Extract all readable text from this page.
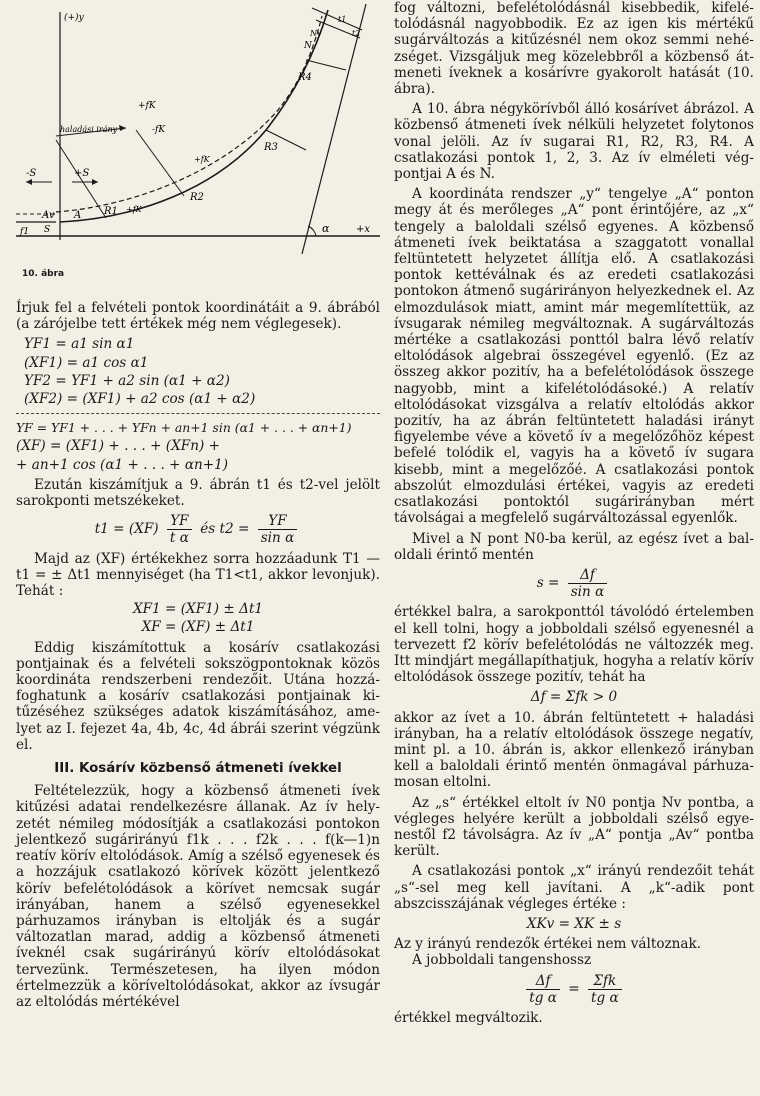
(+)y
+x
-S	+S
haladási irány
+fK
-fK
+fK
+fK
R1
R2
R3
R4
A
Av
f1 S
N
Nv
α
t1
t2
10. ábra

Írjuk fel a felvételi pontok koordinátáit a 9. ábrából (a zárójelbe tett értékek még nem véglegesek).

YF1 = a1 sin α1
(XF1) = a1 cos α1
YF2 = YF1 + a2 sin (α1 + α2)
(XF2) = (XF1) + a2 cos (α1 + α2)
YF = YF1 + . . . + YFn + an+1 sin (α1 + . . . + αn+1)
(XF) = (XF1) + . . . + (XFn) +
+ an+1 cos (α1 + . . . + αn+1)

Ezután kiszámítjuk a 9. ábrán t1 és t2-vel jelölt sarokponti metszékeket.

$t1 = (XF) \frac{YF}{\text{t α}}$ és $t2 = \frac{YF}{\text{sin α}}$

Majd az (XF) értékekhez sorra hozzáadunk T1 — t1 = ± Δt1 mennyiséget (ha T1<t1, akkor levonjuk). Tehát :

XF1 = (XF1) ± Δt1
XF = (XF) ± Δt1

Eddig kiszámítottuk a kosárív csatlakozási pontjainak és a felvételi sokszögpontoknak közös koordináta rendszerbeni rendezőit. Utána hozzáfoghatunk a kosárív csatlakozási pontjainak kitűzéséhez szükséges adatok kiszámításához, amelyet az I. fejezet 4a, 4b, 4c, 4d ábrái szerint végzünk el.

III. Kosárív közbenső átmeneti ívekkel

Feltételezzük, hogy a közbenső átmeneti ívek kitűzési adatai rendelkezésre állanak. Az ív helyzetét némileg módosítják a csatlakozási pontokon jelentkező sugárirányú f1k . . . f2k . . . f(k—1)n reatív körív eltolódások. Amíg a szélső egyenesek és a hozzájuk csatlakozó körívek között jelentkező körív befelétolódások a körívet nemcsak sugár irányában, hanem a szélső egyenesekkel párhuzamos irányban is eltolják és a sugár változatlan marad, addig a közbenső átmeneti íveknél csak sugárirányú körív eltolódásokat tervezünk. Természetesen, ha ilyen módon értelmezzük a köríveltolódásokat, akkor az ívsugár az eltolódás mértékével

fog változni, befelétolódásnál kisebbedik, kifelétolódásnál nagyobbodik. Ez az igen kis mértékű sugárváltozás a kitűzésnél nem okoz semmi nehézséget. Vizsgáljuk meg közelebbről a közbenső átmeneti íveknek a kosárívre gyakorolt hatását (10. ábra).

A 10. ábra négykörívből álló kosárívet ábrázol. A közbenső átmeneti ívek nélküli helyzetet folytonos vonal jelöli. Az ív sugarai R1, R2, R3, R4. A csatlakozási pontok 1, 2, 3. Az ív elméleti végpontjai A és N.

A koordináta rendszer „y“ tengelye „A“ ponton megy át és merőleges „A“ pont érintőjére, az „x“ tengely a baloldali szélső egyenes. A közbenső átmeneti ívek beiktatása a szaggatott vonallal feltüntetett helyzetet állítja elő. A csatlakozási pontok kettéválnak és az eredeti csatlakozási pontokon átmenő sugárirányon helyezkednek el. Az elmozdulások miatt, amint már megemlítettük, az ívsugarak némileg megváltoznak. A sugárváltozás mértéke a csatlakozási ponttól balra lévő relatív eltolódások algebrai összegével egyenlő. (Ez az összeg akkor pozitív, ha a befelétolódások összege nagyobb, mint a kifelétolódásoké.) A relatív eltolódásokat vizsgálva a relatív eltolódás akkor pozitív, ha az ábrán feltüntetett haladási irányt figyelembe véve a követő ív a megelőzőhöz képest befelé tolódik el, vagyis ha a követő ív sugara kisebb, mint a megelőzőé. A csatlakozási pontok abszolút elmozdulási értékei, vagyis az eredeti csatlakozási pontoktól sugárirányban mért távolságai a megfelelő sugárváltozással egyenlők.

Mivel a N pont N0-ba kerül, az egész ívet a baloldali érintő mentén

$s = \frac{\Delta f}{\text{sin α}}$

értékkel balra, a sarokponttól távolódó értelemben el kell tolni, hogy a jobboldali szélső egyenesnél a tervezett f2 körív befelétolódás ne változzék meg. Itt mindjárt megállapíthatjuk, hogyha a relatív körív eltolódások összege pozitív, tehát ha

Δf = Σfk > 0

akkor az ívet a 10. ábrán feltüntetett + haladási irányban, ha a relatív eltolódások összege negatív, mint pl. a 10. ábrán is, akkor ellenkező irányban kell a baloldali érintő mentén önmagával párhuzamosan eltolni.

Az „s“ értékkel eltolt ív N0 pontja Nv pontba, a végleges helyére került a jobboldali szélső egyenestől f2 távolságra. Az ív „A“ pontja „Av“ pontba került.

A csatlakozási pontok „x“ irányú rendezőit tehát „s“-sel meg kell javítani. A „k“-adik pont abszcisszájának végleges értéke :

XKv = XK ± s

Az y irányú rendezők értékei nem változnak.

A jobboldali tangenshossz

$\frac{\Delta f}{\text{tg α}} = \frac{\text{Σfk}}{\text{tg α}}$

értékkel megváltozik.
